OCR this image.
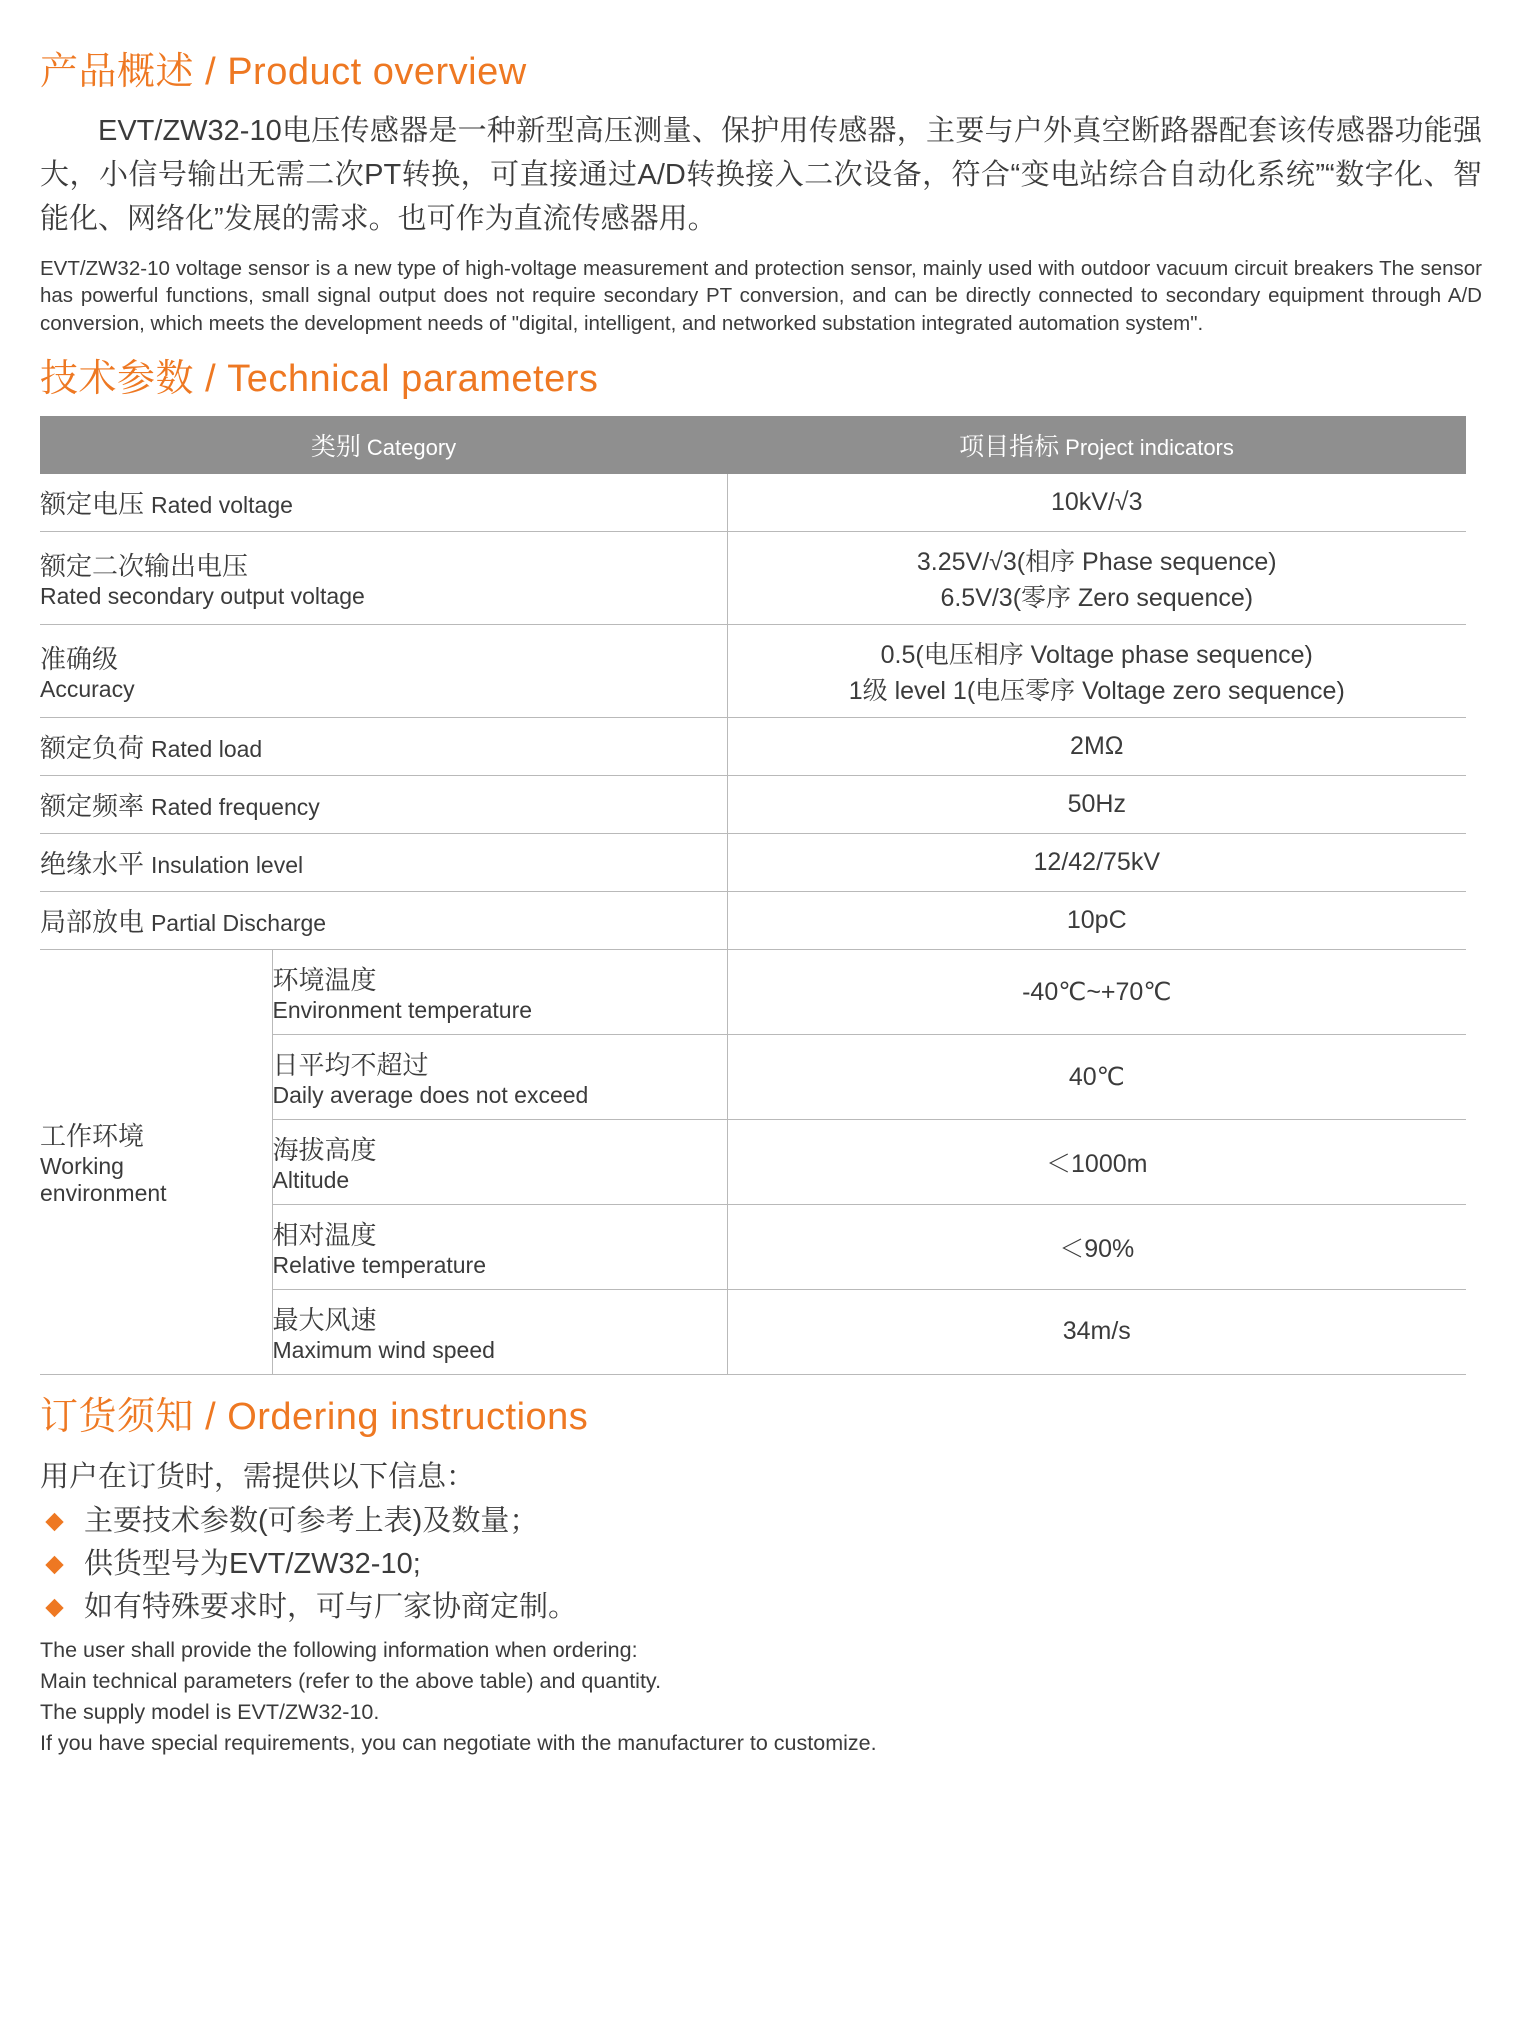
产品概述 / Product overview

EVT/ZW32-10电压传感器是一种新型高压测量、保护用传感器，主要与户外真空断路器配套该传感器功能强大，小信号输出无需二次PT转换，可直接通过A/D转换接入二次设备，符合“变电站综合自动化系统”“数字化、智能化、网络化”发展的需求。也可作为直流传感器用。

EVT/ZW32-10 voltage sensor is a new type of high-voltage measurement and protection sensor, mainly used with outdoor vacuum circuit breakers The sensor has powerful functions, small signal output does not require secondary PT conversion, and can be directly connected to secondary equipment through A/D conversion, which meets the development needs of "digital, intelligent, and networked substation integrated automation system".

技术参数 / Technical parameters
类别 Category		项目指标 Project indicators
额定电压 Rated voltage		10kV/√3

额定二次输出电压
Rated secondary output voltage		3.25V/√3(相序 Phase sequence)
6.5V/3(零序 Zero sequence)

准确级
Accuracy		0.5(电压相序 Voltage phase sequence)
1级 level 1(电压零序 Voltage zero sequence)

额定负荷 Rated load		2MΩ
额定频率 Rated frequency		50Hz
绝缘水平 Insulation level		12/42/75kV
局部放电 Partial Discharge		10pC

工作环境
Working
environment	环境温度
Environment temperature	-40℃~+70℃

	日平均不超过
Daily average does not exceed	40℃

	海拔高度
Altitude	＜1000m

	相对温度
Relative temperature	＜90%

	最大风速
Maximum wind speed	34m/s
订货须知 / Ordering instructions

用户在订货时，需提供以下信息：

主要技术参数(可参考上表)及数量；
供货型号为EVT/ZW32-10;
如有特殊要求时，可与厂家协商定制。
The user shall provide the following information when ordering:
Main technical parameters (refer to the above table) and quantity.
The supply model is EVT/ZW32-10.
If you have special requirements, you can negotiate with the manufacturer to customize.
